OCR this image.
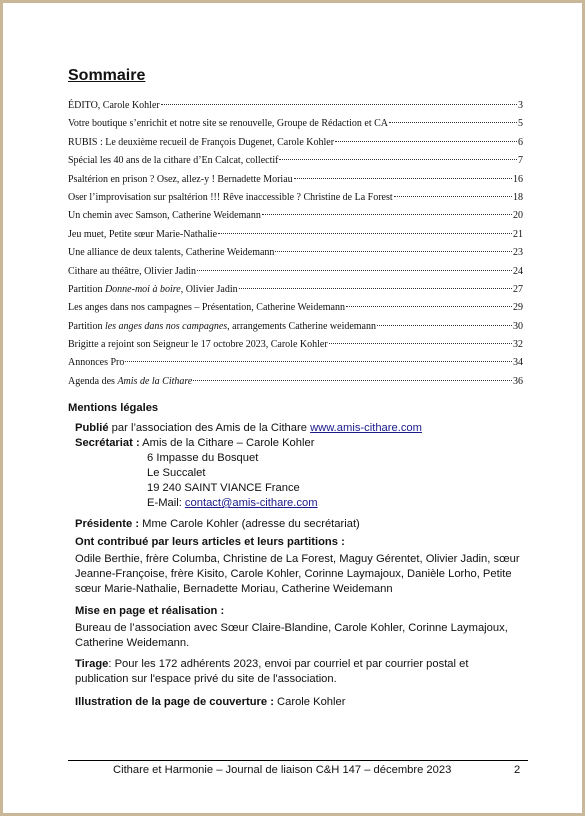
Sommaire
ÉDITO, Carole Kohler	3
Votre boutique s’enrichit et notre site se renouvelle, Groupe de Rédaction et CA	5
RUBIS : Le deuxième recueil de François Dugenet, Carole Kohler	6
Spécial les 40 ans de la cithare d’En Calcat, collectif	7
Psaltérion en prison ? Osez, allez-y ! Bernadette Moriau	16
Oser l’improvisation sur psaltérion !!! Rêve inaccessible ? Christine de La Forest	18
Un chemin avec Samson, Catherine Weidemann	20
Jeu muet, Petite sœur Marie-Nathalie	21
Une alliance de deux talents, Catherine Weidemann	23
Cithare au théâtre, Olivier Jadin	24
Partition Donne-moi à boire, Olivier Jadin	27
Les anges dans nos campagnes – Présentation, Catherine Weidemann	29
Partition les anges dans nos campagnes, arrangements Catherine weidemann	30
Brigitte a rejoint son Seigneur le 17 octobre 2023, Carole Kohler	32
Annonces Pro	34
Agenda des Amis de la Cithare	36
Mentions légales
Publié par l’association des Amis de la Cithare www.amis-cithare.com
Secrétariat : Amis de la Cithare – Carole Kohler
6 Impasse du Bosquet
Le Succalet
19 240 SAINT VIANCE France
E-Mail: contact@amis-cithare.com
Présidente : Mme Carole Kohler (adresse du secrétariat)
Ont contribué par leurs articles et leurs partitions :
Odile Berthie, frère Columba, Christine de La Forest, Maguy Gérentet, Olivier Jadin, sœur Jeanne-Françoise, frère Kisito, Carole Kohler, Corinne Laymajoux, Danièle Lorho, Petite sœur Marie-Nathalie, Bernadette Moriau, Catherine Weidemann
Mise en page et réalisation :
Bureau de l’association avec Sœur Claire-Blandine, Carole Kohler, Corinne Laymajoux, Catherine Weidemann.
Tirage: Pour les 172 adhérents 2023, envoi par courriel et par courrier postal et publication sur l'espace privé du site de l'association.
Illustration de la page de couverture : Carole Kohler
Cithare et Harmonie – Journal de liaison C&H 147 – décembre 2023	2
